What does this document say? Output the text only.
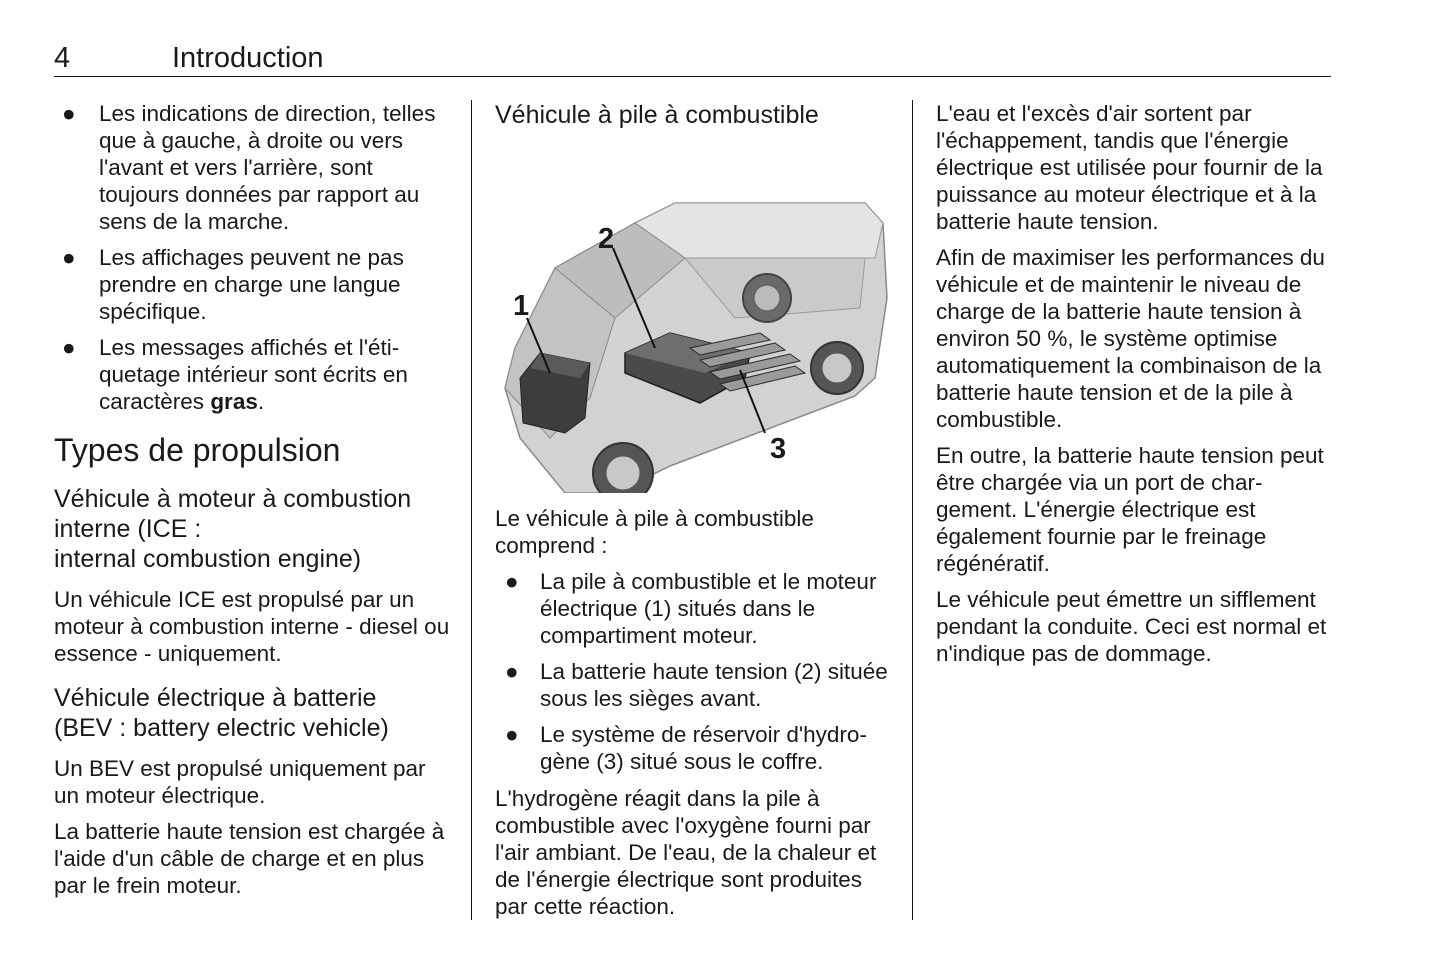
4	Introduction
● Les indications de direction, telles que à gauche, à droite ou vers l'avant et vers l'arrière, sont toujours données par rapport au sens de la marche.
● Les affichages peuvent ne pas prendre en charge une langue spécifique.
● Les messages affichés et l'étiquetage intérieur sont écrits en caractères gras.
Types de propulsion
Véhicule à moteur à combustion interne (ICE :
internal combustion engine)

Un véhicule ICE est propulsé par un moteur à combustion interne - diesel ou essence - uniquement.

Véhicule électrique à batterie
(BEV : battery electric vehicle)

Un BEV est propulsé uniquement par un moteur électrique.

La batterie haute tension est chargée à l'aide d'un câble de charge et en plus par le frein moteur.

Véhicule à pile à combustible
1
2
3

Le véhicule à pile à combustible comprend :

● La pile à combustible et le moteur électrique (1) situés dans le compartiment moteur.
● La batterie haute tension (2) située sous les sièges avant.
● Le système de réservoir d'hydrogène (3) situé sous le coffre.

L'hydrogène réagit dans la pile à combustible avec l'oxygène fourni par l'air ambiant. De l'eau, de la chaleur et de l'énergie électrique sont produites par cette réaction.

L'eau et l'excès d'air sortent par l'échappement, tandis que l'énergie électrique est utilisée pour fournir de la puissance au moteur électrique et à la batterie haute tension.

Afin de maximiser les performances du véhicule et de maintenir le niveau de charge de la batterie haute tension à environ 50 %, le système optimise automatiquement la combinaison de la batterie haute tension et de la pile à combustible.

En outre, la batterie haute tension peut être chargée via un port de chargement. L'énergie électrique est également fournie par le freinage régénératif.

Le véhicule peut émettre un sifflement pendant la conduite. Ceci est normal et n'indique pas de dommage.
